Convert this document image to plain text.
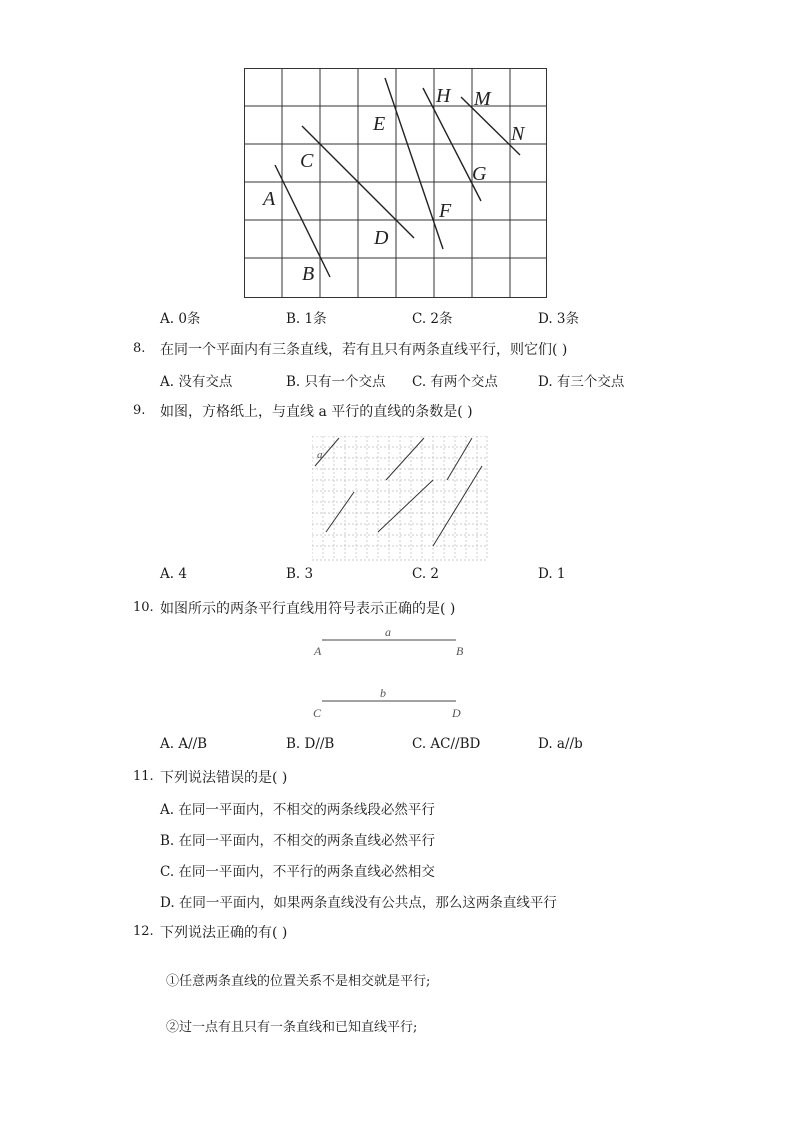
A
B
C
D
E
F
H
G
M
N
A. 0条	B. 1条	C. 2条	D. 3条
8. 在同一个平面内有三条直线，若有且只有两条直线平行，则它们( )
A. 没有交点	B. 只有一个交点 C. 有两个交点	D. 有三个交点
9. 如图，方格纸上，与直线 a 平行的直线的条数是( )
a
A. 4	B. 3	C. 2	D. 1
10. 如图所示的两条平行直线用符号表示正确的是( )
a
A	B
b
C	D
A. A//B	B. D//B	C. AC//BD	D. a//b
11. 下列说法错误的是( )
A. 在同一平面内，不相交的两条线段必然平行
B. 在同一平面内，不相交的两条直线必然平行
C. 在同一平面内，不平行的两条直线必然相交
D. 在同一平面内，如果两条直线没有公共点，那么这两条直线平行
12. 下列说法正确的有( )
①任意两条直线的位置关系不是相交就是平行;
②过一点有且只有一条直线和已知直线平行;
